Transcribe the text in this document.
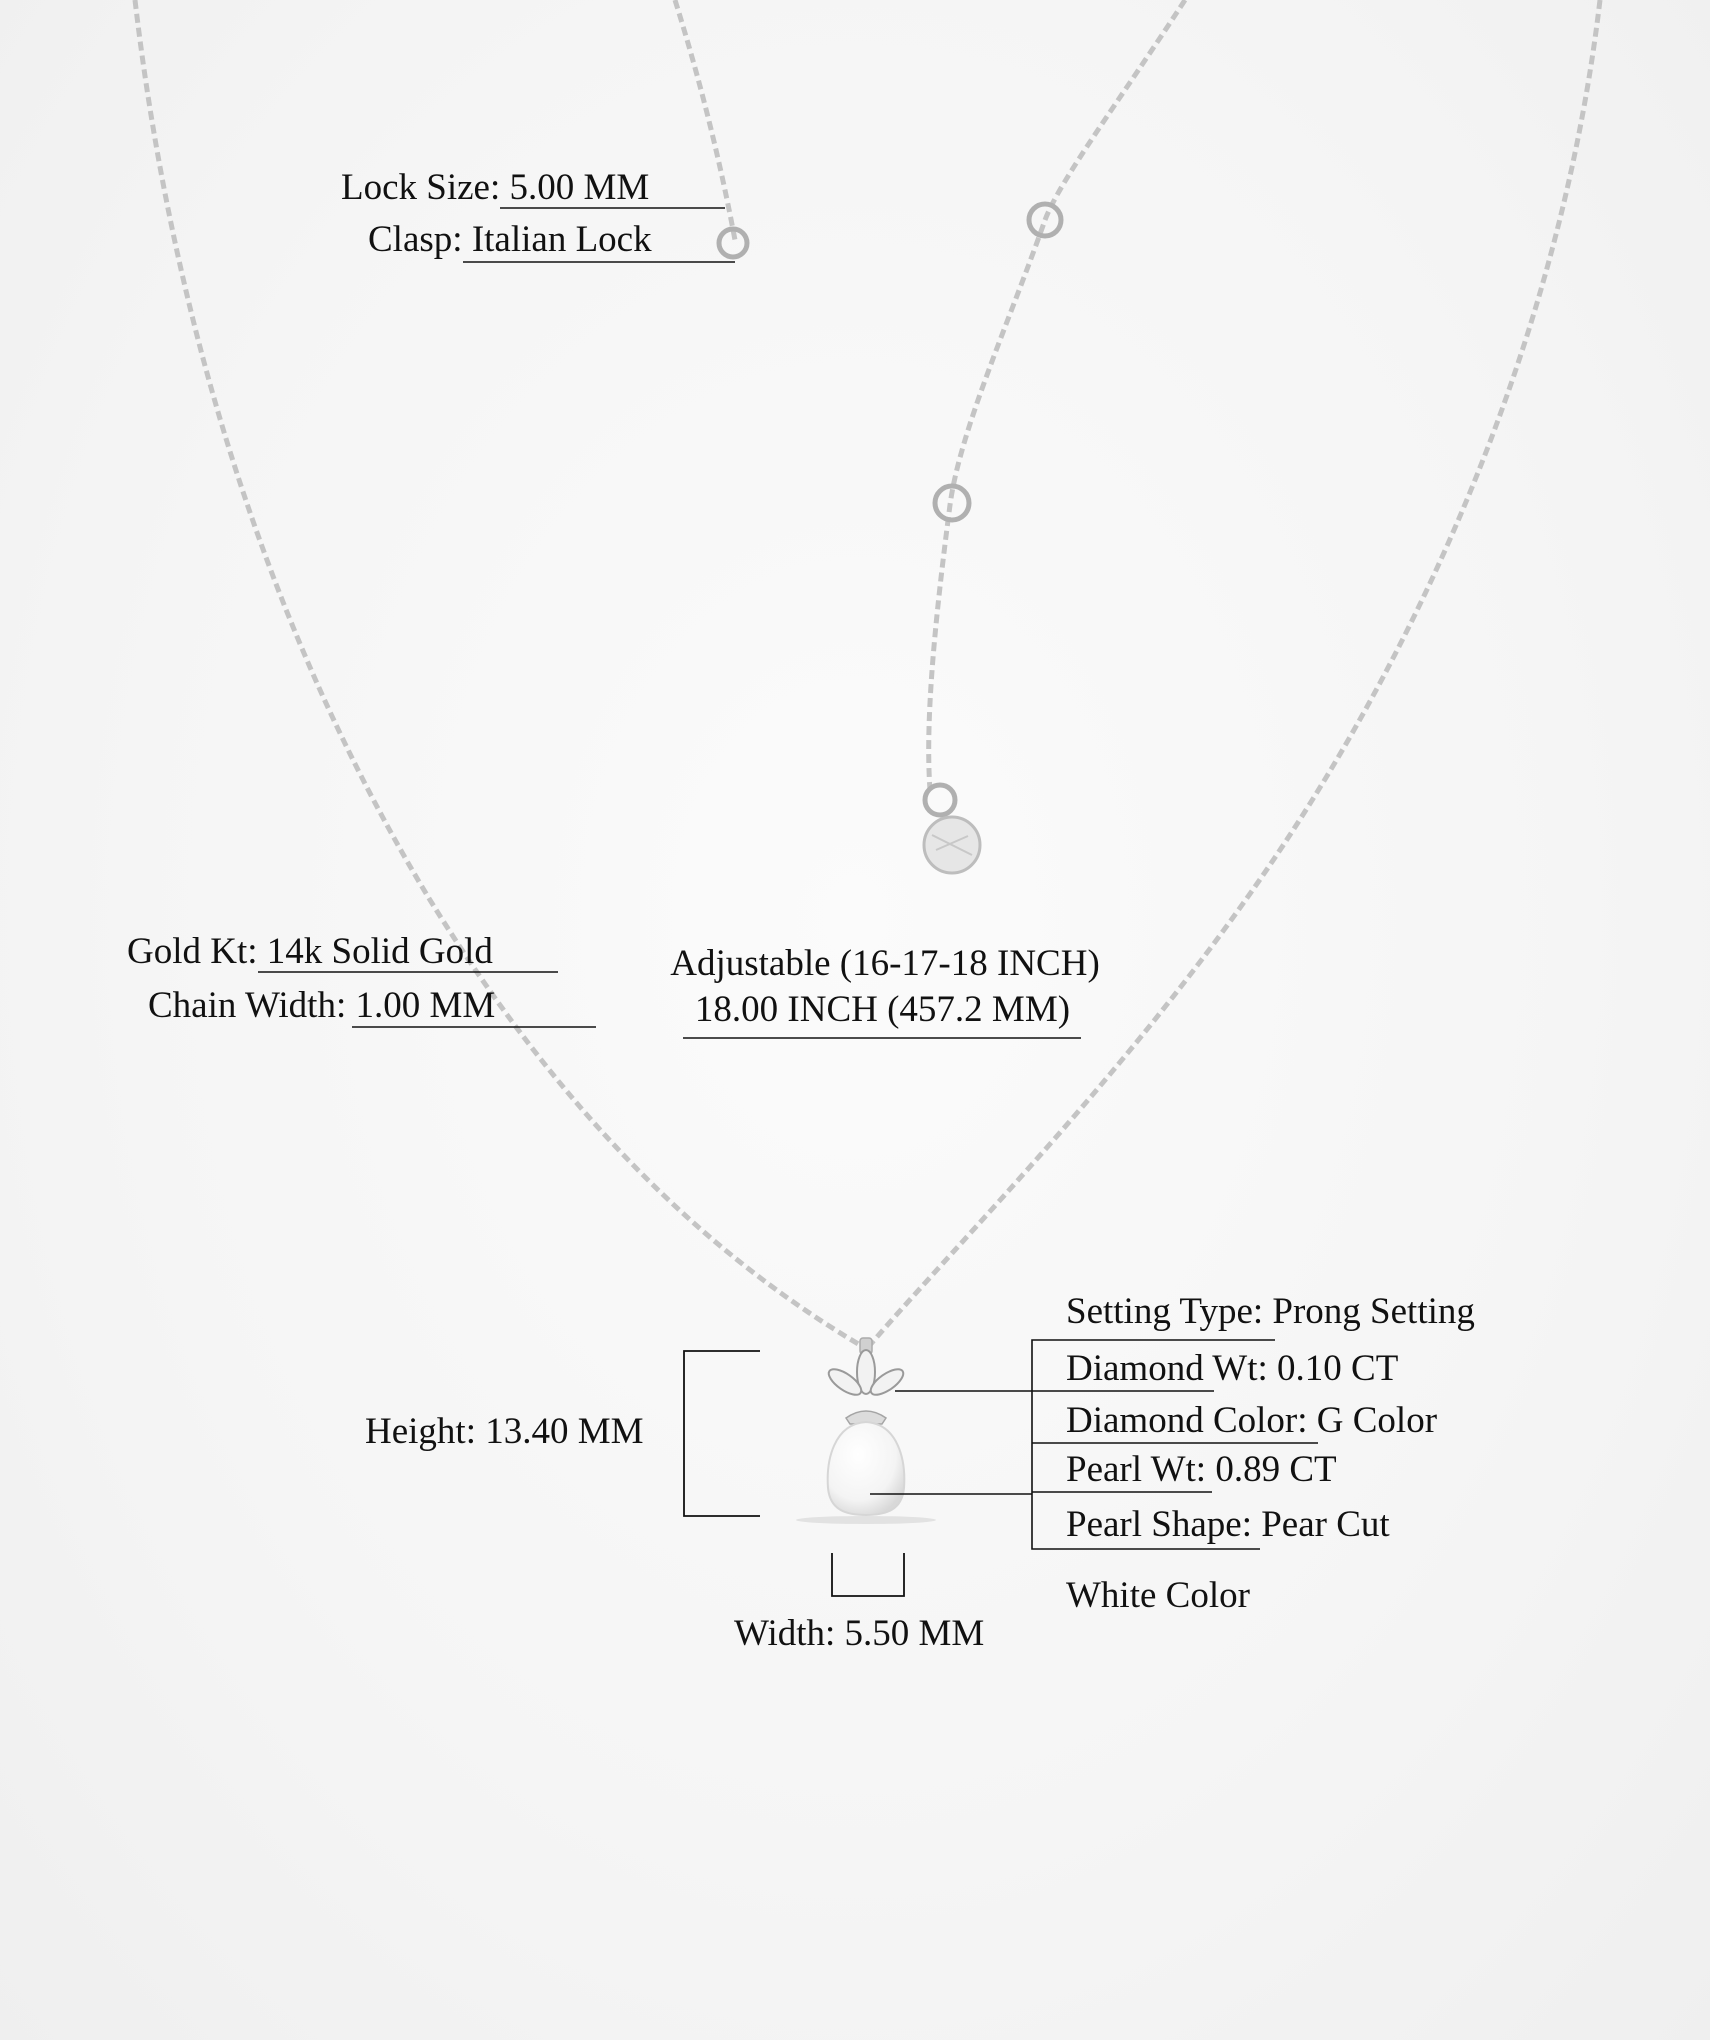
Lock Size: 5.00 MM
Clasp: Italian Lock
Gold Kt: 14k Solid Gold
Chain Width: 1.00 MM
Adjustable (16-17-18 INCH)
18.00 INCH (457.2 MM)
Height: 13.40 MM
Width: 5.50 MM
Setting Type: Prong Setting
Diamond Wt: 0.10 CT
Diamond Color: G Color
Pearl Wt: 0.89 CT
Pearl Shape: Pear Cut
White Color
